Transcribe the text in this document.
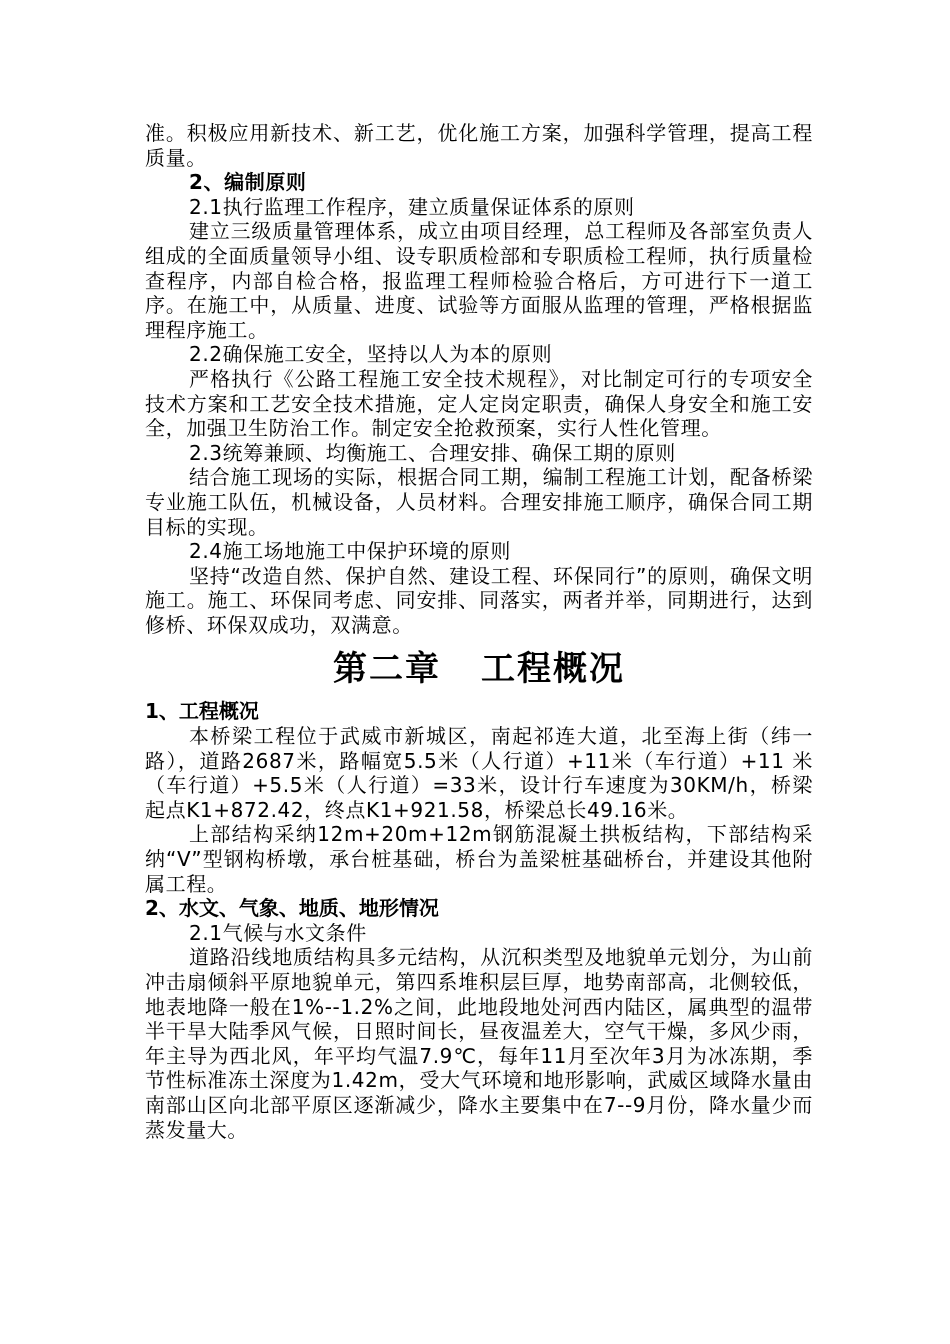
准。积极应用新技术、新工艺，优化施工方案，加强科学管理，提高工程质量。

2、编制原则

2.1执行监理工作程序，建立质量保证体系的原则

建立三级质量管理体系，成立由项目经理，总工程师及各部室负责人组成的全面质量领导小组、设专职质检部和专职质检工程师，执行质量检查程序，内部自检合格，报监理工程师检验合格后，方可进行下一道工序。在施工中，从质量、进度、试验等方面服从监理的管理，严格根据监理程序施工。

2.2确保施工安全，坚持以人为本的原则

严格执行《公路工程施工安全技术规程》，对比制定可行的专项安全技术方案和工艺安全技术措施，定人定岗定职责，确保人身安全和施工安全，加强卫生防治工作。制定安全抢救预案，实行人性化管理。

2.3统筹兼顾、均衡施工、合理安排、确保工期的原则

结合施工现场的实际，根据合同工期，编制工程施工计划，配备桥梁专业施工队伍，机械设备，人员材料。合理安排施工顺序，确保合同工期目标的实现。

2.4施工场地施工中保护环境的原则

坚持“改造自然、保护自然、建设工程、环保同行”的原则，确保文明施工。施工、环保同考虑、同安排、同落实，两者并举，同期进行，达到修桥、环保双成功，双满意。

第二章 工程概况

1、工程概况

本桥梁工程位于武威市新城区，南起祁连大道，北至海上街（纬一路），道路2687米，路幅宽5.5米（人行道）+11米（车行道）+11 米（车行道）+5.5米（人行道）=33米，设计行车速度为30KM/h，桥梁起点K1+872.42，终点K1+921.58，桥梁总长49.16米。

上部结构采纳12m+20m+12m钢筋混凝土拱板结构，下部结构采纳“V”型钢构桥墩，承台桩基础，桥台为盖梁桩基础桥台，并建设其他附属工程。

2、水文、气象、地质、地形情况

2.1气候与水文条件

道路沿线地质结构具多元结构，从沉积类型及地貌单元划分，为山前冲击扇倾斜平原地貌单元，第四系堆积层巨厚，地势南部高，北侧较低，地表地降一般在1%--1.2%之间，此地段地处河西内陆区，属典型的温带半干旱大陆季风气候，日照时间长，昼夜温差大，空气干燥，多风少雨，年主导为西北风，年平均气温7.9℃，每年11月至次年3月为冰冻期，季节性标准冻土深度为1.42m，受大气环境和地形影响，武威区域降水量由南部山区向北部平原区逐渐减少，降水主要集中在7--9月份，降水量少而蒸发量大。
